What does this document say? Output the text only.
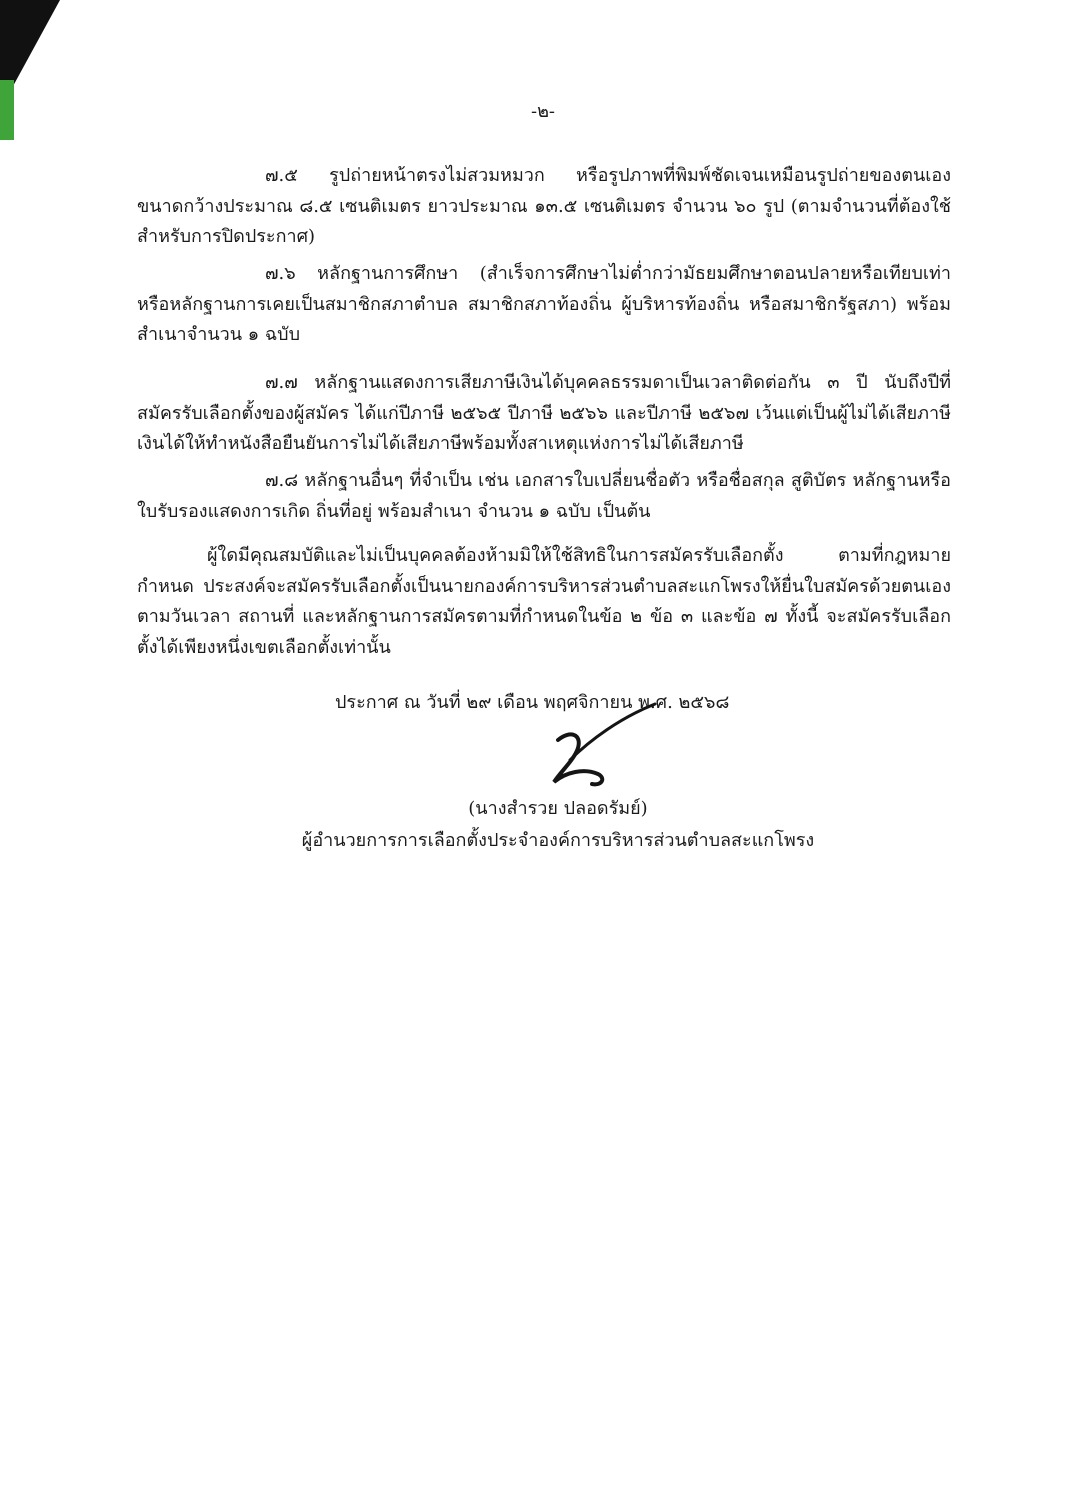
-๒-
๗.๕ รูปถ่ายหน้าตรงไม่สวมหมวก หรือรูปภาพที่พิมพ์ชัดเจนเหมือนรูปถ่ายของตนเอง ขนาดกว้างประมาณ ๘.๕ เซนติเมตร ยาวประมาณ ๑๓.๕ เซนติเมตร จำนวน ๖๐ รูป (ตามจำนวนที่ต้องใช้สำหรับการปิดประกาศ)
๗.๖ หลักฐานการศึกษา (สำเร็จการศึกษาไม่ต่ำกว่ามัธยมศึกษาตอนปลายหรือเทียบเท่า หรือหลักฐานการเคยเป็นสมาชิกสภาตำบล สมาชิกสภาท้องถิ่น ผู้บริหารท้องถิ่น หรือสมาชิกรัฐสภา) พร้อมสำเนาจำนวน ๑ ฉบับ
๗.๗ หลักฐานแสดงการเสียภาษีเงินได้บุคคลธรรมดาเป็นเวลาติดต่อกัน ๓ ปี นับถึงปีที่สมัครรับเลือกตั้งของผู้สมัคร ได้แก่ปีภาษี ๒๕๖๕ ปีภาษี ๒๕๖๖ และปีภาษี ๒๕๖๗ เว้นแต่เป็นผู้ไม่ได้เสียภาษีเงินได้ให้ทำหนังสือยืนยันการไม่ได้เสียภาษีพร้อมทั้งสาเหตุแห่งการไม่ได้เสียภาษี
๗.๘ หลักฐานอื่นๆ ที่จำเป็น เช่น เอกสารใบเปลี่ยนชื่อตัว หรือชื่อสกุล สูติบัตร หลักฐานหรือใบรับรองแสดงการเกิด ถิ่นที่อยู่ พร้อมสำเนา จำนวน ๑ ฉบับ เป็นต้น
ผู้ใดมีคุณสมบัติและไม่เป็นบุคคลต้องห้ามมิให้ใช้สิทธิในการสมัครรับเลือกตั้ง ตามที่กฎหมายกำหนด ประสงค์จะสมัครรับเลือกตั้งเป็นนายกองค์การบริหารส่วนตำบลสะแกโพรงให้ยื่นใบสมัครด้วยตนเองตามวันเวลา สถานที่ และหลักฐานการสมัครตามที่กำหนดในข้อ ๒ ข้อ ๓ และข้อ ๗ ทั้งนี้ จะสมัครรับเลือกตั้งได้เพียงหนึ่งเขตเลือกตั้งเท่านั้น
ประกาศ ณ วันที่ ๒๙ เดือน พฤศจิกายน พ.ศ. ๒๕๖๘
(นางสำรวย ปลอดรัมย์)
ผู้อำนวยการการเลือกตั้งประจำองค์การบริหารส่วนตำบลสะแกโพรง
